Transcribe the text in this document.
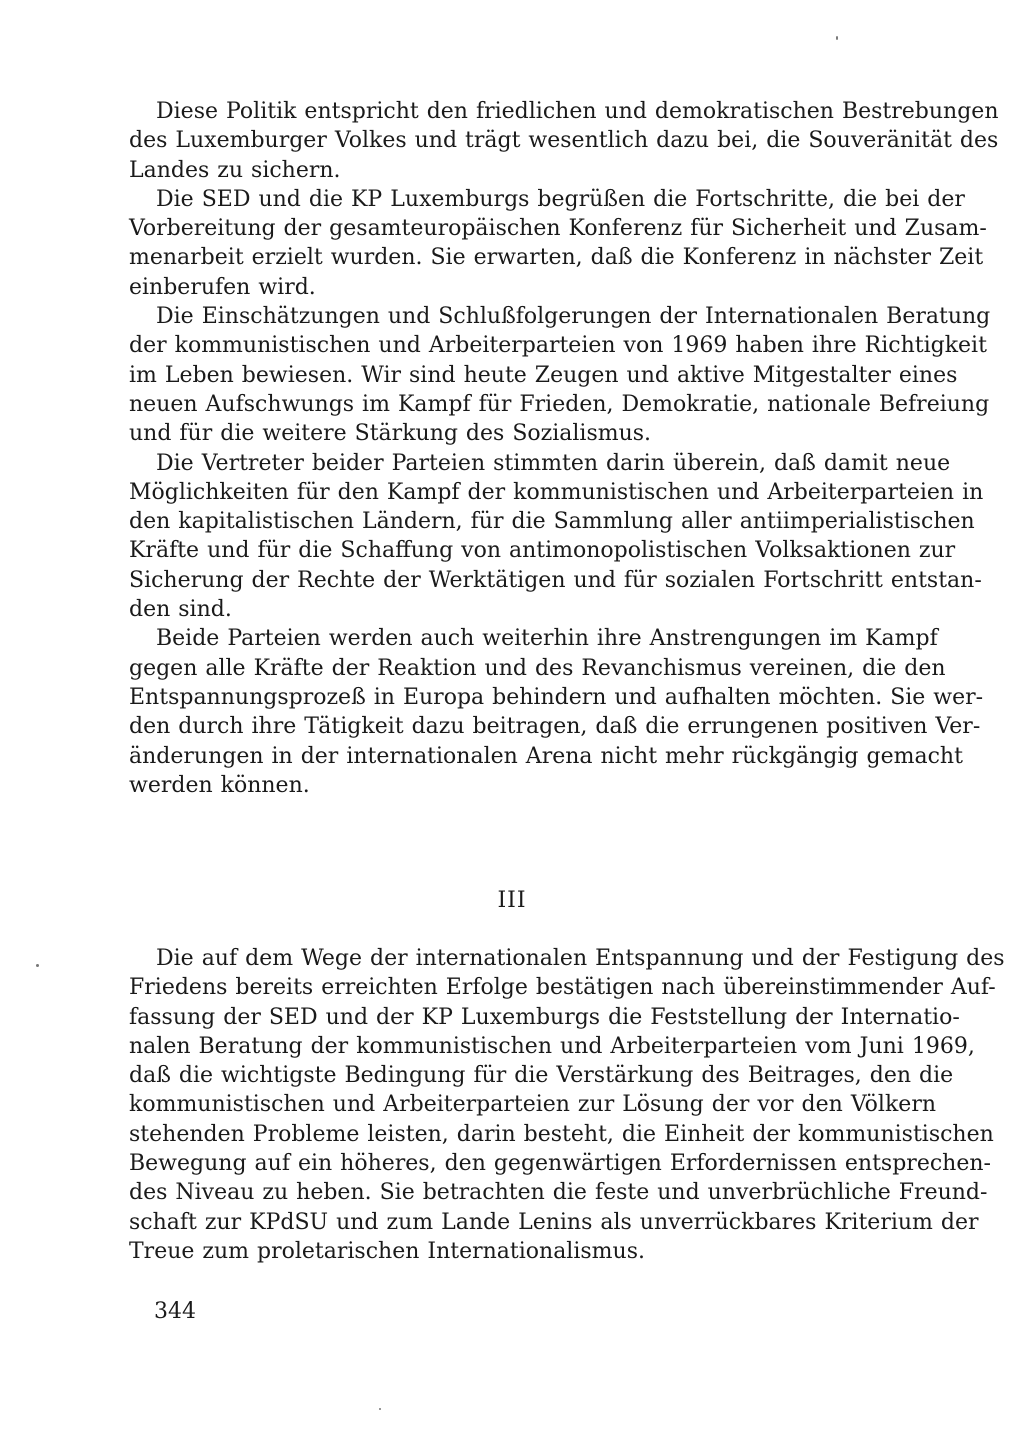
Diese Politik entspricht den friedlichen und demokratischen Bestrebungen
des Luxemburger Volkes und trägt wesentlich dazu bei, die Souveränität des
Landes zu sichern.
Die SED und die KP Luxemburgs begrüßen die Fortschritte, die bei der
Vorbereitung der gesamteuropäischen Konferenz für Sicherheit und Zusam-
menarbeit erzielt wurden. Sie erwarten, daß die Konferenz in nächster Zeit
einberufen wird.
Die Einschätzungen und Schlußfolgerungen der Internationalen Beratung
der kommunistischen und Arbeiterparteien von 1969 haben ihre Richtigkeit
im Leben bewiesen. Wir sind heute Zeugen und aktive Mitgestalter eines
neuen Aufschwungs im Kampf für Frieden, Demokratie, nationale Befreiung
und für die weitere Stärkung des Sozialismus.
Die Vertreter beider Parteien stimmten darin überein, daß damit neue
Möglichkeiten für den Kampf der kommunistischen und Arbeiterparteien in
den kapitalistischen Ländern, für die Sammlung aller antiimperialistischen
Kräfte und für die Schaffung von antimonopolistischen Volksaktionen zur
Sicherung der Rechte der Werktätigen und für sozialen Fortschritt entstan-
den sind.
Beide Parteien werden auch weiterhin ihre Anstrengungen im Kampf
gegen alle Kräfte der Reaktion und des Revanchismus vereinen, die den
Entspannungsprozeß in Europa behindern und aufhalten möchten. Sie wer-
den durch ihre Tätigkeit dazu beitragen, daß die errungenen positiven Ver-
änderungen in der internationalen Arena nicht mehr rückgängig gemacht
werden können.
III
Die auf dem Wege der internationalen Entspannung und der Festigung des
Friedens bereits erreichten Erfolge bestätigen nach übereinstimmender Auf-
fassung der SED und der KP Luxemburgs die Feststellung der Internatio-
nalen Beratung der kommunistischen und Arbeiterparteien vom Juni 1969,
daß die wichtigste Bedingung für die Verstärkung des Beitrages, den die
kommunistischen und Arbeiterparteien zur Lösung der vor den Völkern
stehenden Probleme leisten, darin besteht, die Einheit der kommunistischen
Bewegung auf ein höheres, den gegenwärtigen Erfordernissen entsprechen-
des Niveau zu heben. Sie betrachten die feste und unverbrüchliche Freund-
schaft zur KPdSU und zum Lande Lenins als unverrückbares Kriterium der
Treue zum proletarischen Internationalismus.
344
